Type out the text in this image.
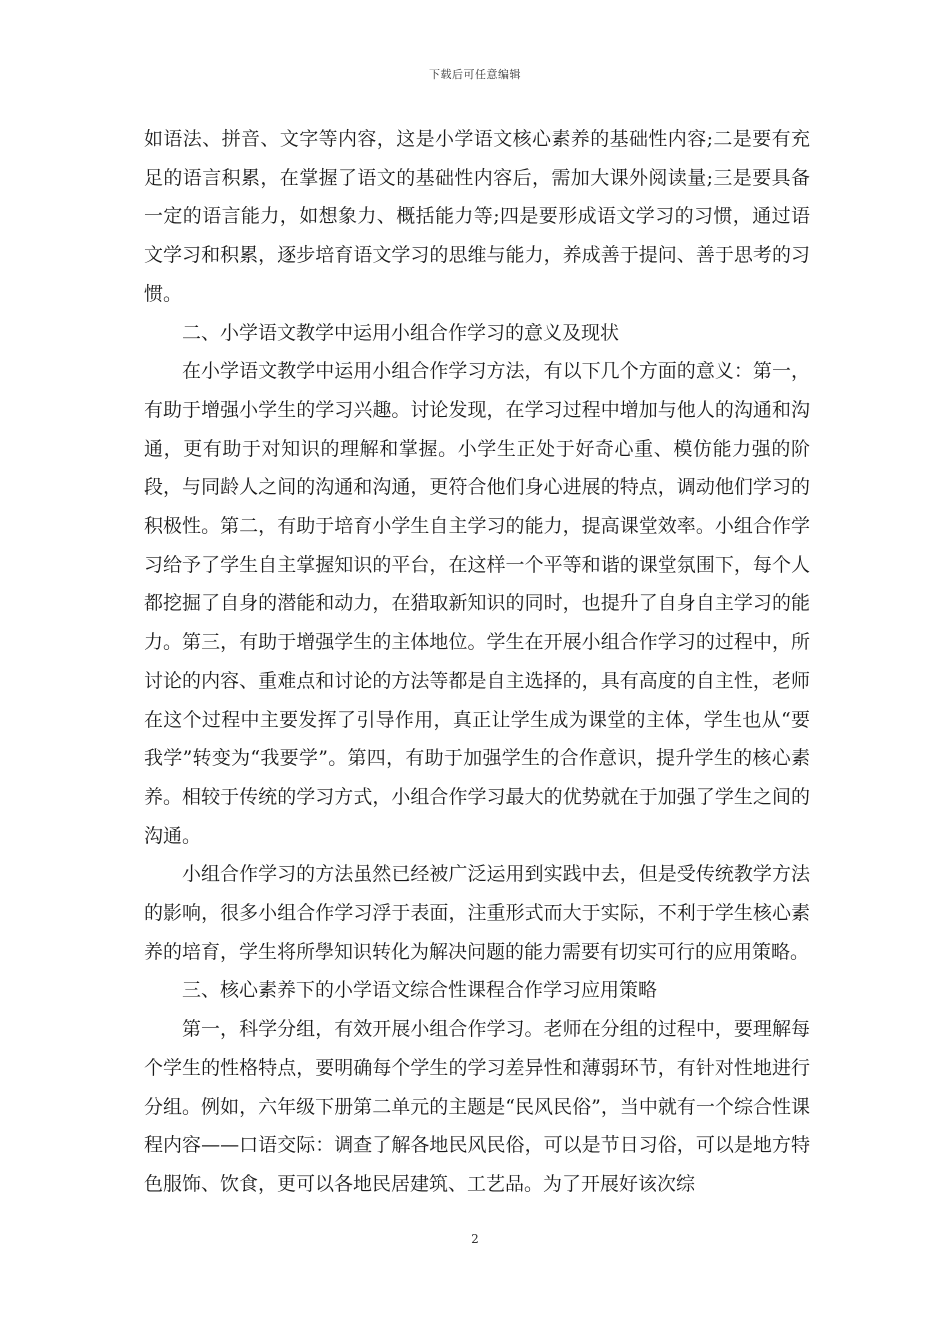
下载后可任意编辑

如语法、拼音、文字等内容，这是小学语文核心素养的基础性内容;二是要有充足的语言积累，在掌握了语文的基础性内容后，需加大课外阅读量;三是要具备一定的语言能力，如想象力、概括能力等;四是要形成语文学习的习惯，通过语文学习和积累，逐步培育语文学习的思维与能力，养成善于提问、善于思考的习惯。

二、小学语文教学中运用小组合作学习的意义及现状

在小学语文教学中运用小组合作学习方法，有以下几个方面的意义：第一，有助于增强小学生的学习兴趣。讨论发现，在学习过程中增加与他人的沟通和沟通，更有助于对知识的理解和掌握。小学生正处于好奇心重、模仿能力强的阶段，与同龄人之间的沟通和沟通，更符合他们身心进展的特点，调动他们学习的积极性。第二，有助于培育小学生自主学习的能力，提高课堂效率。小组合作学习给予了学生自主掌握知识的平台，在这样一个平等和谐的课堂氛围下，每个人都挖掘了自身的潜能和动力，在猎取新知识的同时，也提升了自身自主学习的能力。第三，有助于增强学生的主体地位。学生在开展小组合作学习的过程中，所讨论的内容、重难点和讨论的方法等都是自主选择的，具有高度的自主性，老师在这个过程中主要发挥了引导作用，真正让学生成为课堂的主体，学生也从“要我学”转变为“我要学”。第四，有助于加强学生的合作意识，提升学生的核心素养。相较于传统的学习方式，小组合作学习最大的优势就在于加强了学生之间的沟通。

小组合作学习的方法虽然已经被广泛运用到实践中去，但是受传统教学方法的影响，很多小组合作学习浮于表面，注重形式而大于实际，不利于学生核心素养的培育，学生将所學知识转化为解决问题的能力需要有切实可行的应用策略。

三、核心素养下的小学语文综合性课程合作学习应用策略

第一，科学分组，有效开展小组合作学习。老师在分组的过程中，要理解每个学生的性格特点，要明确每个学生的学习差异性和薄弱环节，有针对性地进行分组。例如，六年级下册第二单元的主题是“民风民俗”，当中就有一个综合性课程内容——口语交际：调查了解各地民风民俗，可以是节日习俗，可以是地方特色服饰、饮食，更可以各地民居建筑、工艺品。为了开展好该次综

2
